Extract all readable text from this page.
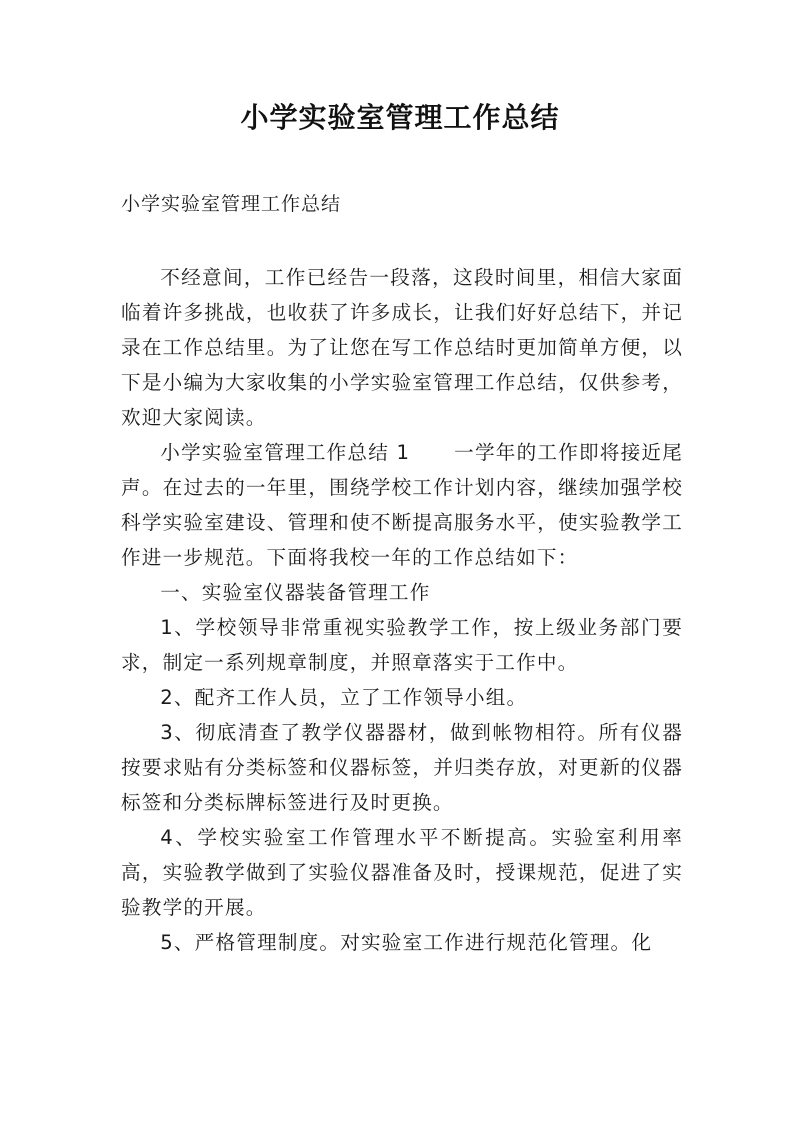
小学实验室管理工作总结

小学实验室管理工作总结

不经意间，工作已经告一段落，这段时间里，相信大家面临着许多挑战，也收获了许多成长，让我们好好总结下，并记录在工作总结里。为了让您在写工作总结时更加简单方便，以下是小编为大家收集的小学实验室管理工作总结，仅供参考，欢迎大家阅读。

小学实验室管理工作总结 1 一学年的工作即将接近尾声。在过去的一年里，围绕学校工作计划内容，继续加强学校科学实验室建设、管理和使不断提高服务水平，使实验教学工作进一步规范。下面将我校一年的工作总结如下：

一、实验室仪器装备管理工作

1、学校领导非常重视实验教学工作，按上级业务部门要求，制定一系列规章制度，并照章落实于工作中。

2、配齐工作人员，立了工作领导小组。

3、彻底清查了教学仪器器材，做到帐物相符。所有仪器按要求贴有分类标签和仪器标签，并归类存放，对更新的仪器标签和分类标牌标签进行及时更换。

4、学校实验室工作管理水平不断提高。实验室利用率高，实验教学做到了实验仪器准备及时，授课规范，促进了实验教学的开展。

5、严格管理制度。对实验室工作进行规范化管理。化
